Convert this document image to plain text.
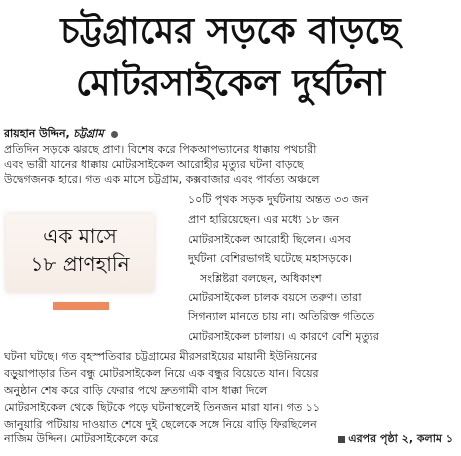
চট্টগ্রামের সড়কে বাড়ছে
মোটরসাইকেল দুর্ঘটনা
রায়হান উদ্দিন, চট্টগ্রাম
প্রতিদিন সড়কে ঝরছে প্রাণ। বিশেষ করে পিকআপভ্যানের ধাক্কায় পথচারী
এবং ভারী যানের ধাক্কায় মোটরসাইকেল আরোহীর মৃত্যুর ঘটনা বাড়ছে
উদ্বেগজনক হারে। গত এক মাসে চট্টগ্রাম, কক্সবাজার এবং পার্বত্য অঞ্চলে
১০টি পৃথক সড়ক দুর্ঘটনায় অন্তত ৩৩ জন
প্রাণ হারিয়েছেন। এর মধ্যে ১৮ জন
মোটরসাইকেল আরোহী ছিলেন। এসব
দুর্ঘটনা বেশিরভাগই ঘটেছে মহাসড়কে।
সংশ্লিষ্টরা বলছেন, অধিকাংশ
মোটরসাইকেল চালক বয়সে তরুণ। তারা
সিগন্যাল মানতে চায় না। অতিরিক্ত গতিতে
মোটরসাইকেল চালায়। এ কারণে বেশি মৃত্যুর
ঘটনা ঘটছে। গত বৃহস্পতিবার চট্টগ্রামের মীরসরাইয়ের মায়ানী ইউনিয়নের
বড়ুয়াপাড়ার তিন বন্ধু মোটরসাইকেল নিয়ে এক বন্ধুর বিয়েতে যান। বিয়ের
অনুষ্ঠান শেষ করে বাড়ি ফেরার পথে দ্রুতগামী বাস ধাক্কা দিলে
মোটরসাইকেল থেকে ছিটকে পড়ে ঘটনাস্থলেই তিনজন মারা যান। গত ১১
এক মাসে
১৮ প্রাণহানি
জানুয়ারি পটিয়ায় দাওয়াত শেষে দুই ছেলেকে সঙ্গে নিয়ে বাড়ি ফিরছিলেন
নাজিম উদ্দিন। মোটরসাইকেলে করে	এরপর পৃষ্ঠা ২, কলাম ১
